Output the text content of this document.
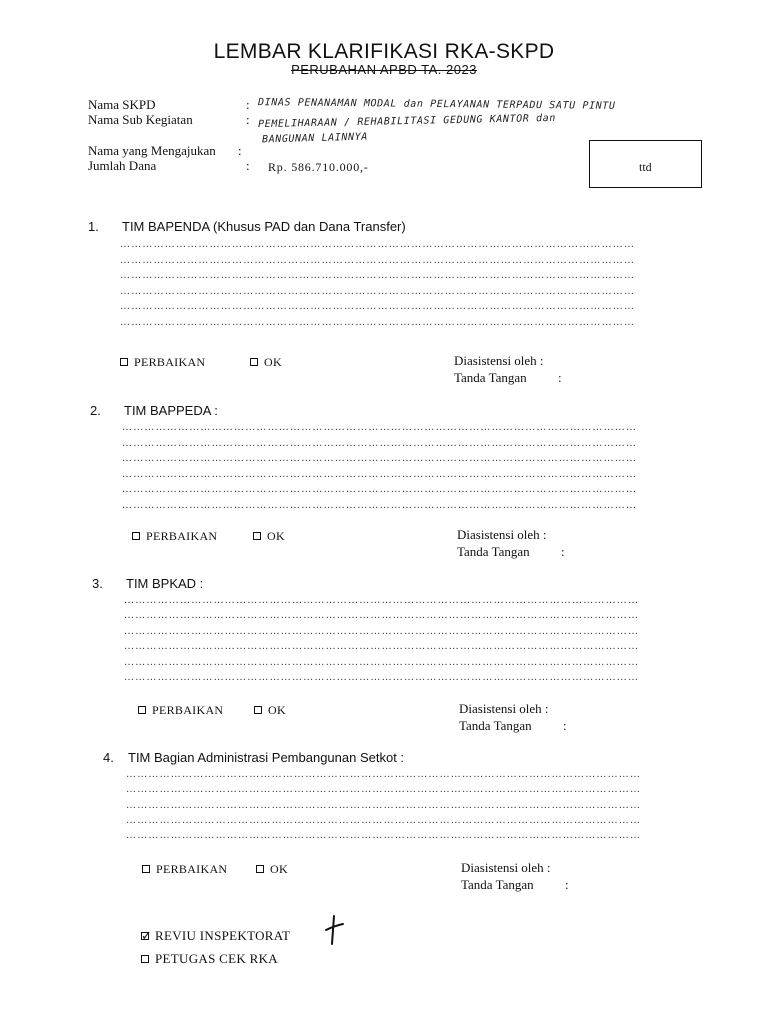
LEMBAR KLARIFIKASI RKA-SKPD
PERUBAHAN APBD TA. 2023
Nama SKPD	: DINAS PENANAMAN MODAL dan PELAYANAN TERPADU SATU PINTU
Nama Sub Kegiatan	: PEMELIHARAAN / REHABILITASI GEDUNG KANTOR dan
BANGUNAN LAINNYA
Nama yang Mengajukan :
Jumlah Dana	: Rp. 586.710.000,-	ttd
1. TIM BAPENDA (Khusus PAD dan Dana Transfer)
…………………………………………………………………………………………………………………………
…………………………………………………………………………………………………………………………
…………………………………………………………………………………………………………………………
…………………………………………………………………………………………………………………………
…………………………………………………………………………………………………………………………
…………………………………………………………………………………………………………………………
PERBAIKAN	OK	Diasistensi oleh :
Tanda Tangan :
2. TIM BAPPEDA :
…………………………………………………………………………………………………………………………
…………………………………………………………………………………………………………………………
…………………………………………………………………………………………………………………………
…………………………………………………………………………………………………………………………
…………………………………………………………………………………………………………………………
…………………………………………………………………………………………………………………………
PERBAIKAN	OK	Diasistensi oleh :
Tanda Tangan :
3. TIM BPKAD :
…………………………………………………………………………………………………………………………
…………………………………………………………………………………………………………………………
…………………………………………………………………………………………………………………………
…………………………………………………………………………………………………………………………
…………………………………………………………………………………………………………………………
…………………………………………………………………………………………………………………………
PERBAIKAN	OK	Diasistensi oleh :
Tanda Tangan :
4. TIM Bagian Administrasi Pembangunan Setkot :
…………………………………………………………………………………………………………………………
…………………………………………………………………………………………………………………………
…………………………………………………………………………………………………………………………
…………………………………………………………………………………………………………………………
…………………………………………………………………………………………………………………………
PERBAIKAN	OK	Diasistensi oleh :
Tanda Tangan :
✓ REVIU INSPEKTORAT
PETUGAS CEK RKA
